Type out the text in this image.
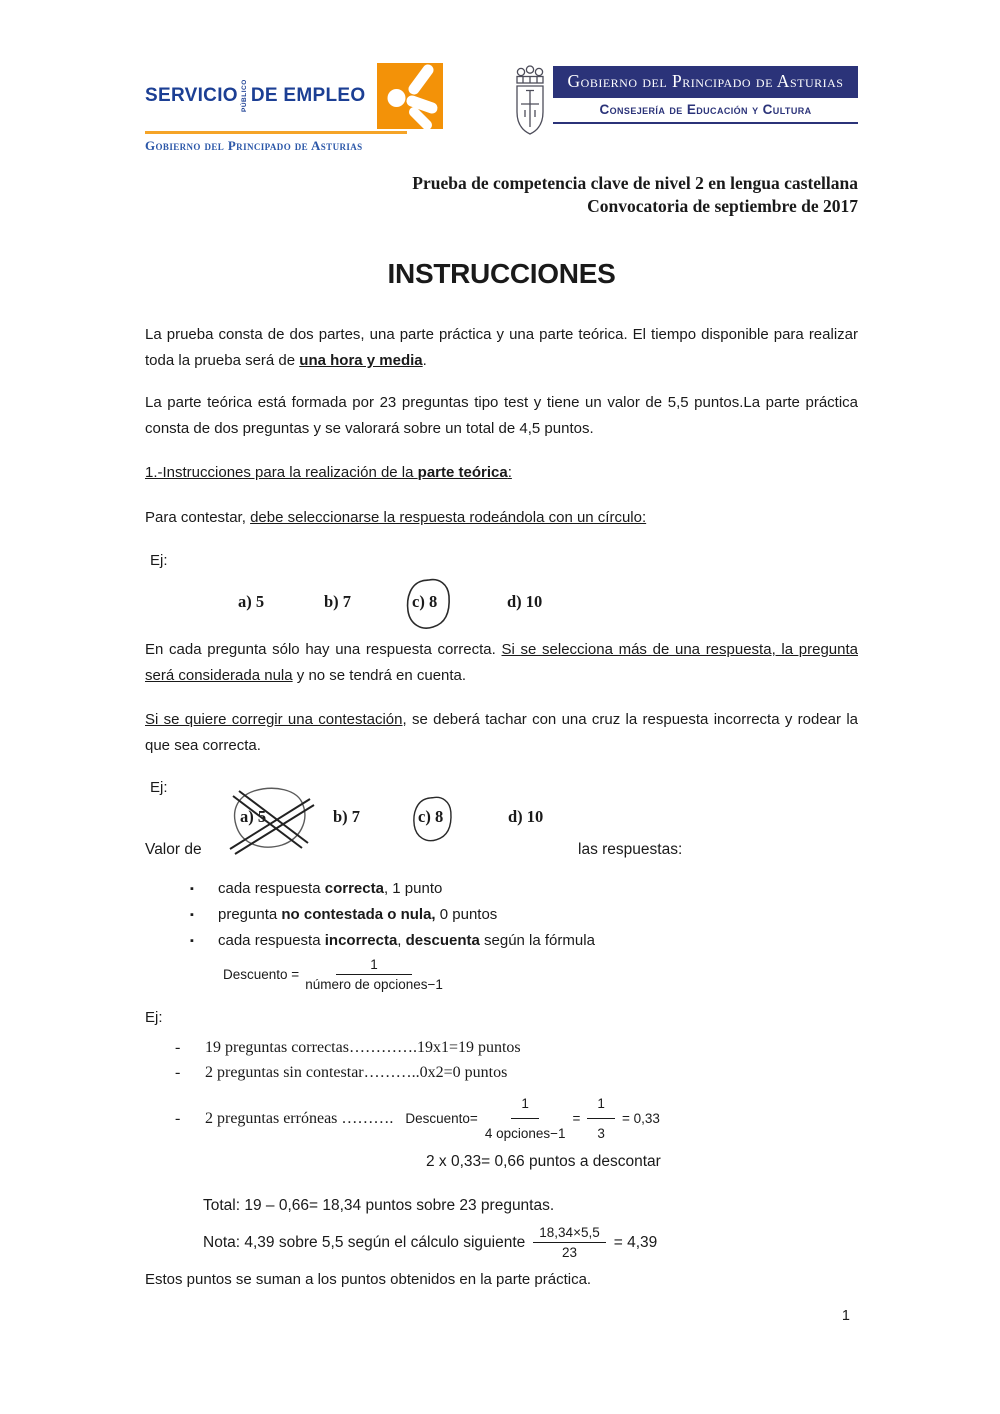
SERVICIO PÚBLICO DE EMPLEO
Gobierno del Principado de Asturias
Gobierno del Principado de Asturias
Consejería de Educación y Cultura
Prueba de competencia clave de nivel 2 en lengua castellana
Convocatoria de septiembre de 2017
INSTRUCCIONES

La prueba consta de dos partes, una parte práctica y una parte teórica. El tiempo disponible para realizar toda la prueba será de una hora y media.

La parte teórica está formada por 23 preguntas tipo test y tiene un valor de 5,5 puntos.La parte práctica consta de dos preguntas y se valorará sobre un total de 4,5 puntos.

1.-Instrucciones para la realización de la parte teórica:

Para contestar, debe seleccionarse la respuesta rodeándola con un círculo:

Ej:

a) 5	b) 7	c) 8	d) 10

En cada pregunta sólo hay una respuesta correcta. Si se selecciona más de una respuesta, la pregunta será considerada nula y no se tendrá en cuenta.

Si se quiere corregir una contestación, se deberá tachar con una cruz la respuesta incorrecta y rodear la que sea correcta.

Ej:

a) 5	b) 7	c) 8	d) 10
Valor de	las respuestas:
▪ cada respuesta correcta, 1 punto
▪ pregunta no contestada o nula, 0 puntos
▪ cada respuesta incorrecta, descuenta según la fórmula
Descuento = $\frac{1}{\text{número de opciones−1}}$

Ej:

-	19 preguntas correctas………….19x1=19 puntos
-	2 preguntas sin contestar………..0x2=0 puntos
-	2 preguntas erróneas ………. Descuento= $\frac{1}{\text{4 opciones−1}} = \frac{1}{3} = 0,33$
2 x 0,33= 0,66 puntos a descontar
Total: 19 – 0,66= 18,34 puntos sobre 23 preguntas.
Nota: 4,39 sobre 5,5 según el cálculo siguiente $\frac{18,34\times 5,5}{23} = 4,39$

Estos puntos se suman a los puntos obtenidos en la parte práctica.

1
